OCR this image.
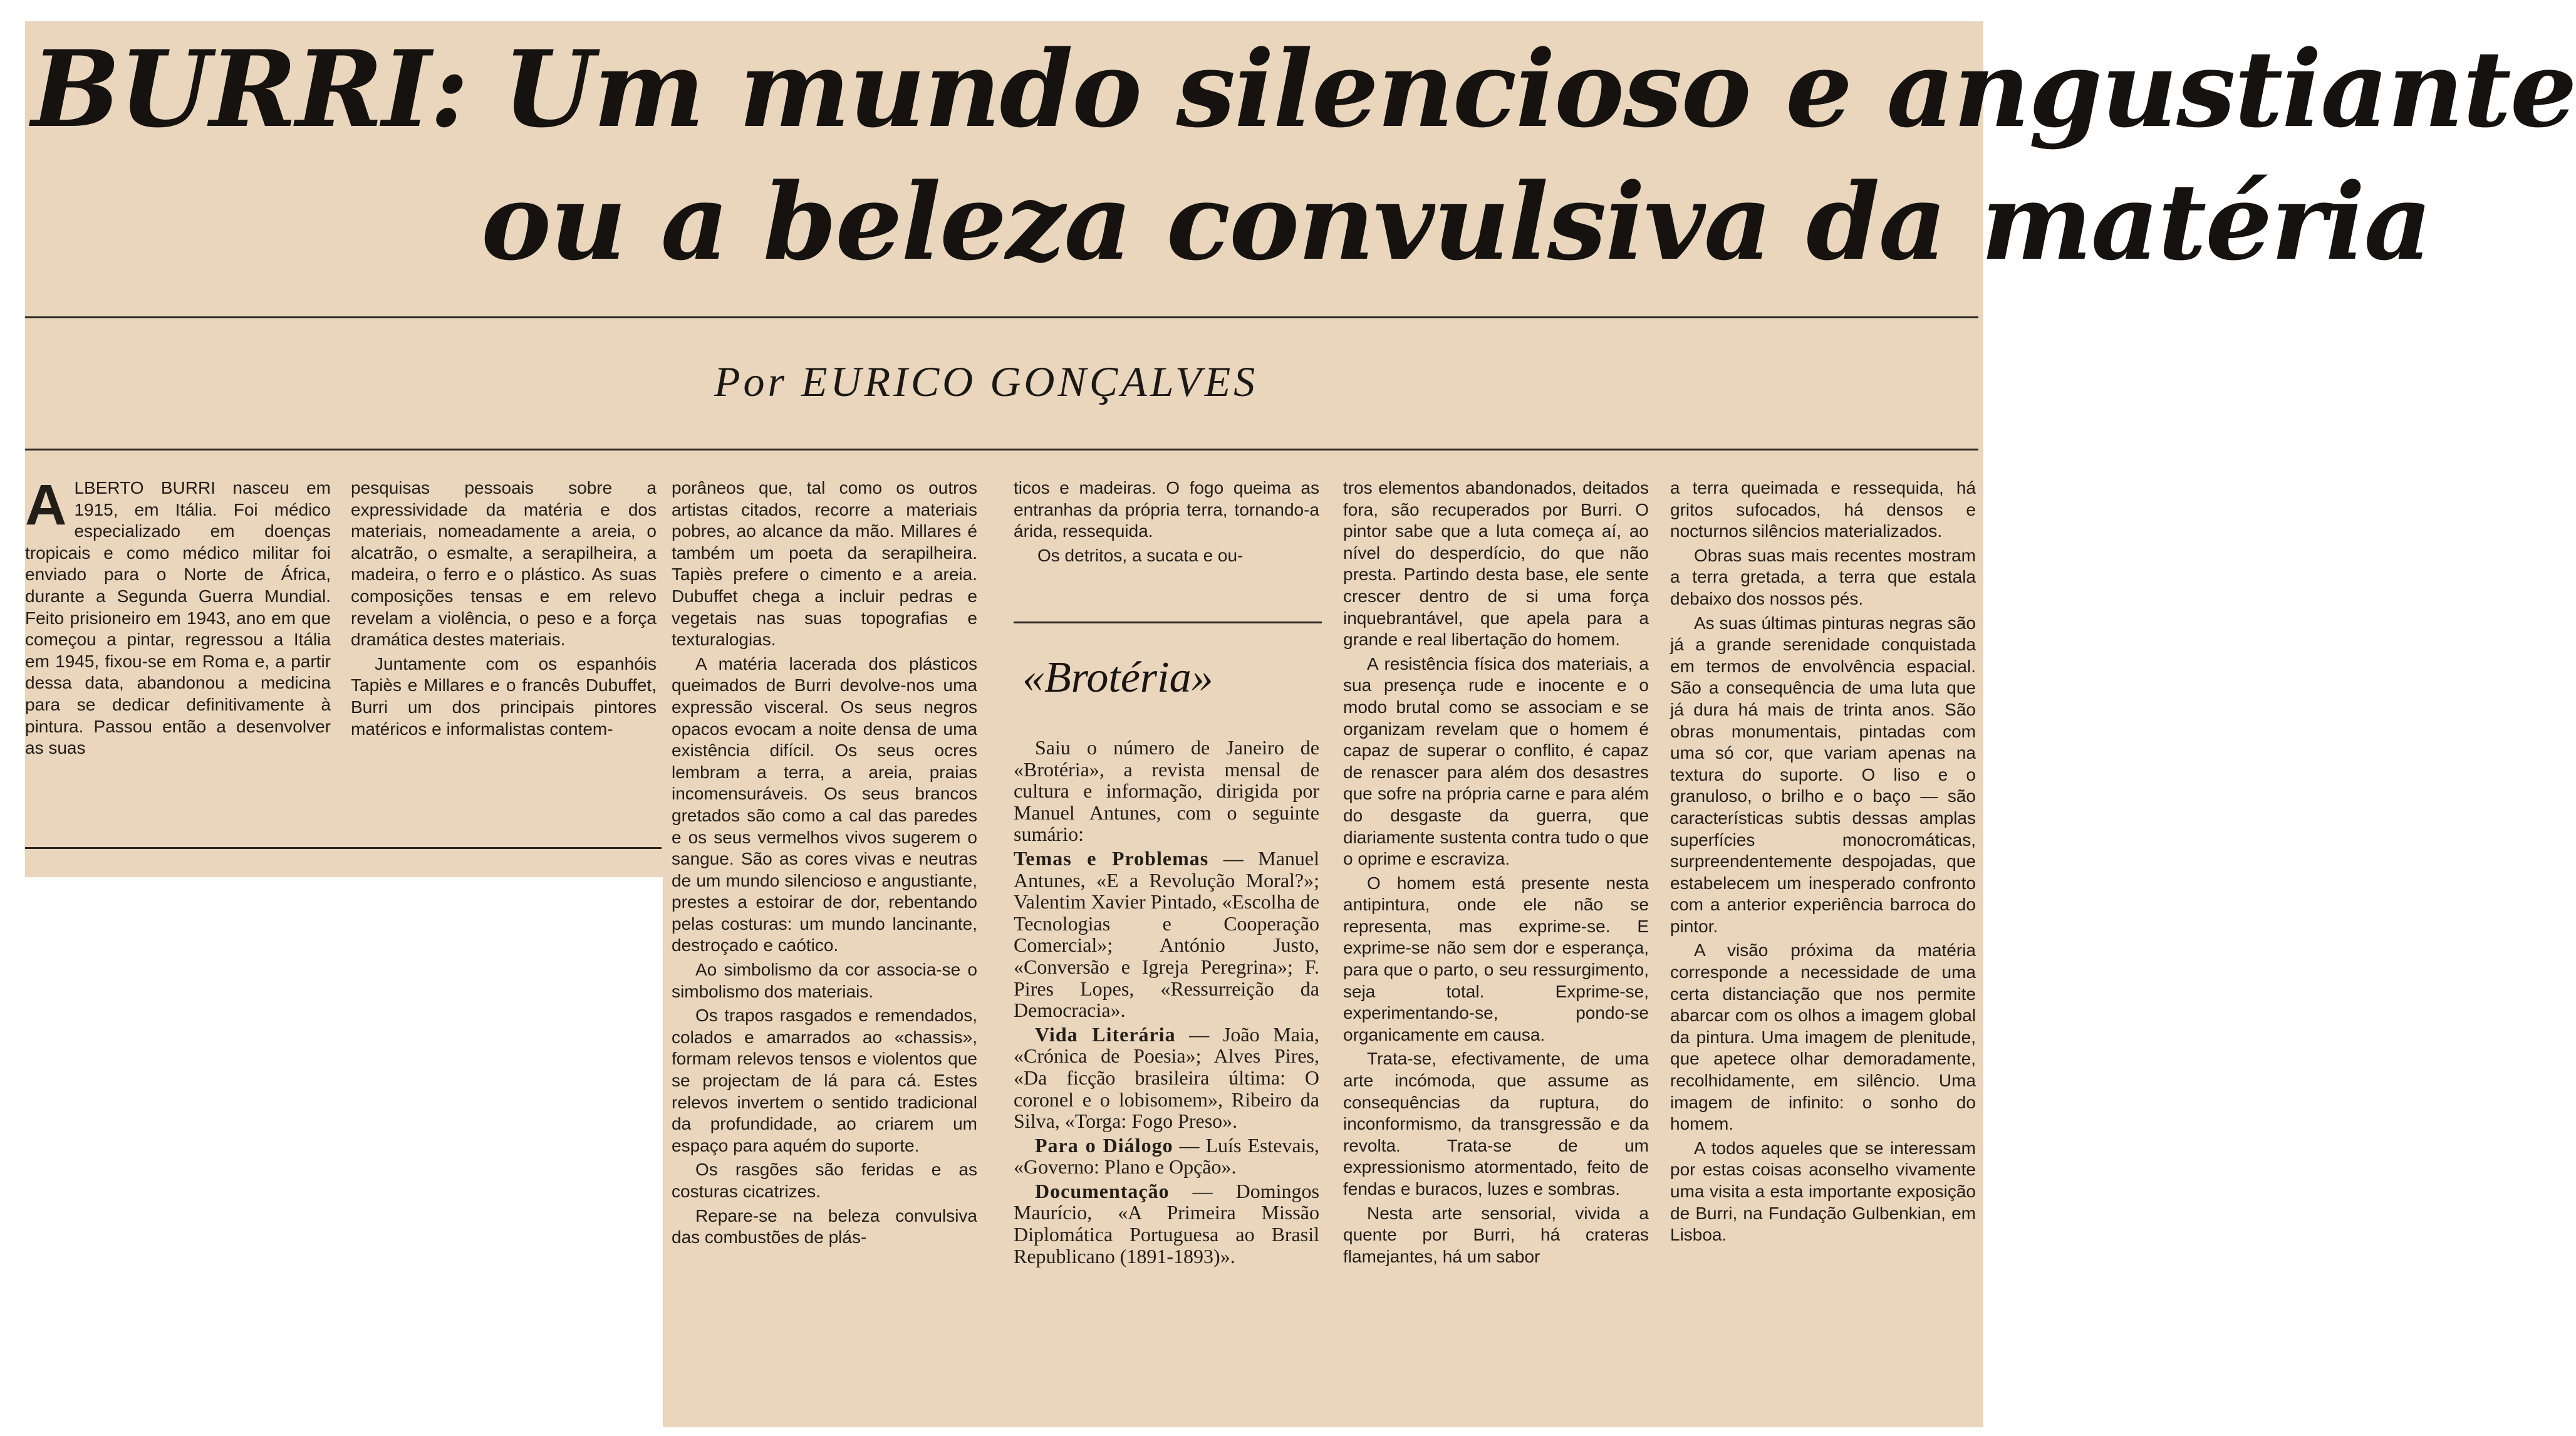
BURRI: Um mundo silencioso e angustiante
ou a beleza convulsiva da matéria

Por EURICO GONÇALVES

ALBERTO BURRI nasceu em 1915, em Itália. Foi médico especializado em doenças tropicais e como médico militar foi enviado para o Norte de África, durante a Segunda Guerra Mundial. Feito prisioneiro em 1943, ano em que começou a pintar, regressou a Itália em 1945, fixou-se em Roma e, a partir dessa data, abandonou a medicina para se dedicar definitivamente à pintura. Passou então a desenvolver as suas

pesquisas pessoais sobre a expressividade da matéria e dos materiais, nomeadamente a areia, o alcatrão, o esmalte, a serapilheira, a madeira, o ferro e o plástico. As suas composições tensas e em relevo revelam a violência, o peso e a força dramática destes materiais.

Juntamente com os espanhóis Tapiès e Millares e o francês Dubuffet, Burri um dos principais pintores matéricos e informalistas contem-

porâneos que, tal como os outros artistas citados, recorre a materiais pobres, ao alcance da mão. Millares é também um poeta da serapilheira. Tapiès prefere o cimento e a areia. Dubuffet chega a incluir pedras e vegetais nas suas topografias e texturalogias.

A matéria lacerada dos plásticos queimados de Burri devolve-nos uma expressão visceral. Os seus negros opacos evocam a noite densa de uma existência difícil. Os seus ocres lembram a terra, a areia, praias incomensuráveis. Os seus brancos gretados são como a cal das paredes e os seus vermelhos vivos sugerem o sangue. São as cores vivas e neutras de um mundo silencioso e angustiante, prestes a estoirar de dor, rebentando pelas costuras: um mundo lancinante, destroçado e caótico.

Ao simbolismo da cor associa-se o simbolismo dos materiais.

Os trapos rasgados e remendados, colados e amarrados ao «chassis», formam relevos tensos e violentos que se projectam de lá para cá. Estes relevos invertem o sentido tradicional da profundidade, ao criarem um espaço para aquém do suporte.

Os rasgões são feridas e as costuras cicatrizes.

Repare-se na beleza convulsiva das combustões de plás-

ticos e madeiras. O fogo queima as entranhas da própria terra, tornando-a árida, ressequida.

Os detritos, a sucata e ou-

«Brotéria»

Saiu o número de Janeiro de «Brotéria», a revista mensal de cultura e informação, dirigida por Manuel Antunes, com o seguinte sumário:

Temas e Problemas — Manuel Antunes, «E a Revolução Moral?»; Valentim Xavier Pintado, «Escolha de Tecnologias e Cooperação Comercial»; António Justo, «Conversão e Igreja Peregrina»; F. Pires Lopes, «Ressurreição da Democracia».

Vida Literária — João Maia, «Crónica de Poesia»; Alves Pires, «Da ficção brasileira última: O coronel e o lobisomem», Ribeiro da Silva, «Torga: Fogo Preso».

Para o Diálogo — Luís Estevais, «Governo: Plano e Opção».

Documentação — Domingos Maurício, «A Primeira Missão Diplomática Portuguesa ao Brasil Republicano (1891-1893)».

tros elementos abandonados, deitados fora, são recuperados por Burri. O pintor sabe que a luta começa aí, ao nível do desperdício, do que não presta. Partindo desta base, ele sente crescer dentro de si uma força inquebrantável, que apela para a grande e real libertação do homem.

A resistência física dos materiais, a sua presença rude e inocente e o modo brutal como se associam e se organizam revelam que o homem é capaz de superar o conflito, é capaz de renascer para além dos desastres que sofre na própria carne e para além do desgaste da guerra, que diariamente sustenta contra tudo o que o oprime e escraviza.

O homem está presente nesta antipintura, onde ele não se representa, mas exprime-se. E exprime-se não sem dor e esperança, para que o parto, o seu ressurgimento, seja total. Exprime-se, experimentando-se, pondo-se organicamente em causa.

Trata-se, efectivamente, de uma arte incómoda, que assume as consequências da ruptura, do inconformismo, da transgressão e da revolta. Trata-se de um expressionismo atormentado, feito de fendas e buracos, luzes e sombras.

Nesta arte sensorial, vivida a quente por Burri, há crateras flamejantes, há um sabor

a terra queimada e ressequida, há gritos sufocados, há densos e nocturnos silêncios materializados.

Obras suas mais recentes mostram a terra gretada, a terra que estala debaixo dos nossos pés.

As suas últimas pinturas negras são já a grande serenidade conquistada em termos de envolvência espacial. São a consequência de uma luta que já dura há mais de trinta anos. São obras monumentais, pintadas com uma só cor, que variam apenas na textura do suporte. O liso e o granuloso, o brilho e o baço — são características subtis dessas amplas superfícies monocromáticas, surpreendentemente despojadas, que estabelecem um inesperado confronto com a anterior experiência barroca do pintor.

A visão próxima da matéria corresponde a necessidade de uma certa distanciação que nos permite abarcar com os olhos a imagem global da pintura. Uma imagem de plenitude, que apetece olhar demoradamente, recolhidamente, em silêncio. Uma imagem de infinito: o sonho do homem.

A todos aqueles que se interessam por estas coisas aconselho vivamente uma visita a esta importante exposição de Burri, na Fundação Gulbenkian, em Lisboa.
